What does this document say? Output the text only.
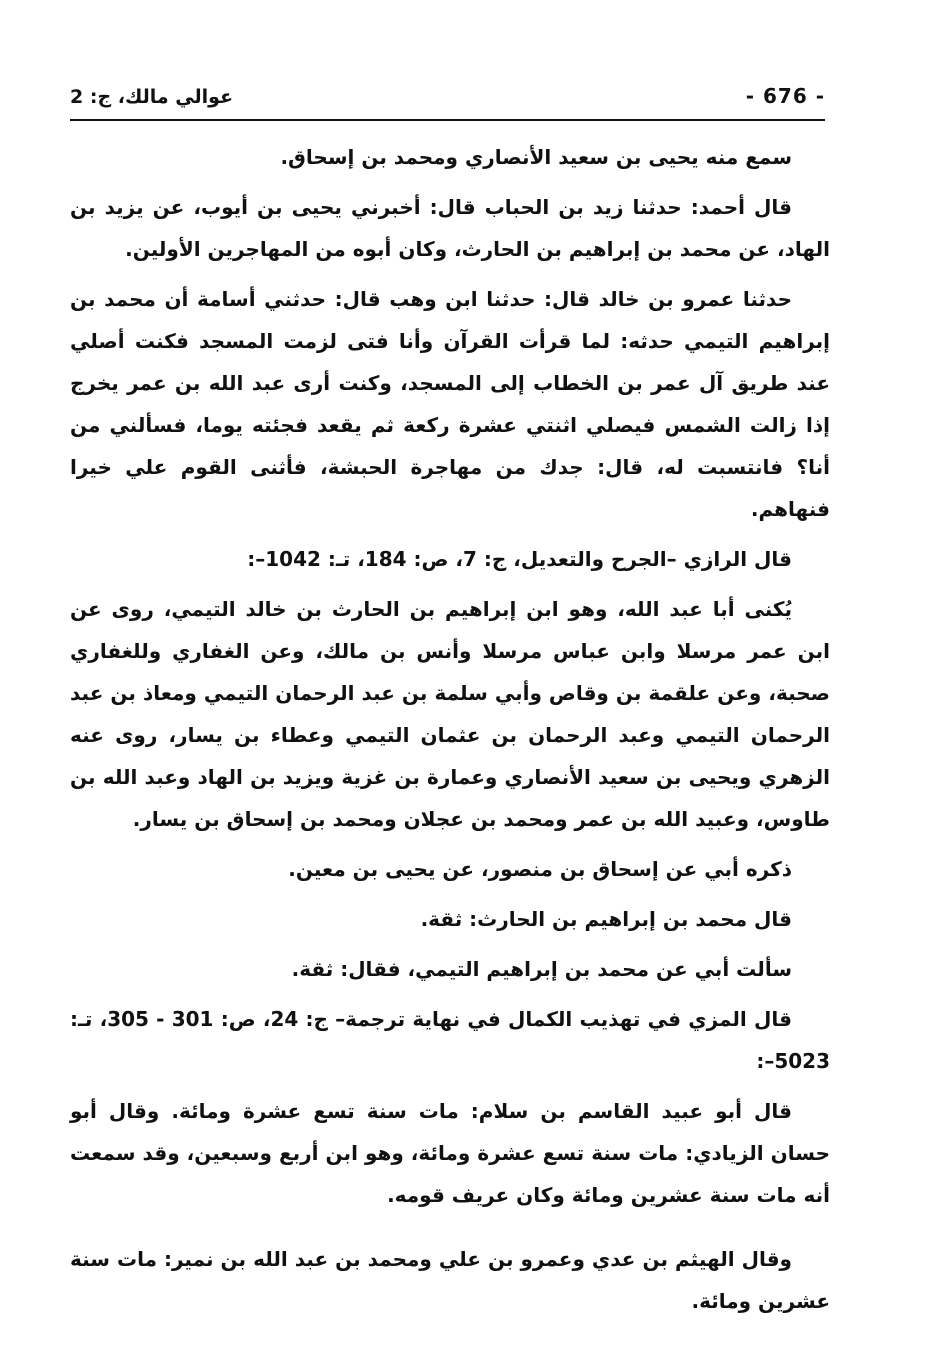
- 676 -
عوالي مالك، ج: 2

سمع منه يحيى بن سعيد الأنصاري ومحمد بن إسحاق.

قال أحمد: حدثنا زيد بن الحباب قال: أخبرني يحيى بن أيوب، عن يزيد بن الهاد، عن محمد بن إبراهيم بن الحارث، وكان أبوه من المهاجرين الأولين.

حدثنا عمرو بن خالد قال: حدثنا ابن وهب قال: حدثني أسامة أن محمد بن إبراهيم التيمي حدثه: لما قرأت القرآن وأنا فتى لزمت المسجد فكنت أصلي عند طريق آل عمر بن الخطاب إلى المسجد، وكنت أرى عبد الله بن عمر يخرج إذا زالت الشمس فيصلي اثنتي عشرة ركعة ثم يقعد فجئته يوما، فسألني من أنا؟ فانتسبت له، قال: جدك من مهاجرة الحبشة، فأثنى القوم علي خيرا فنهاهم.

قال الرازي –الجرح والتعديل، ج: 7، ص: 184، تـ: 1042–:

يُكنى أبا عبد الله، وهو ابن إبراهيم بن الحارث بن خالد التيمي، روى عن ابن عمر مرسلا وابن عباس مرسلا وأنس بن مالك، وعن الغفاري وللغفاري صحبة، وعن علقمة بن وقاص وأبي سلمة بن عبد الرحمان التيمي ومعاذ بن عبد الرحمان التيمي وعبد الرحمان بن عثمان التيمي وعطاء بن يسار، روى عنه الزهري ويحيى بن سعيد الأنصاري وعمارة بن غزية ويزيد بن الهاد وعبد الله بن طاوس، وعبيد الله بن عمر ومحمد بن عجلان ومحمد بن إسحاق بن يسار.

ذكره أبي عن إسحاق بن منصور، عن يحيى بن معين.

قال محمد بن إبراهيم بن الحارث: ثقة.

سألت أبي عن محمد بن إبراهيم التيمي، فقال: ثقة.

قال المزي في تهذيب الكمال في نهاية ترجمة– ج: 24، ص: 301 - 305، تـ: 5023–:

قال أبو عبيد القاسم بن سلام: مات سنة تسع عشرة ومائة. وقال أبو حسان الزيادي: مات سنة تسع عشرة ومائة، وهو ابن أربع وسبعين، وقد سمعت أنه مات سنة عشرين ومائة وكان عريف قومه.

وقال الهيثم بن عدي وعمرو بن علي ومحمد بن عبد الله بن نمير: مات سنة عشرين ومائة.
